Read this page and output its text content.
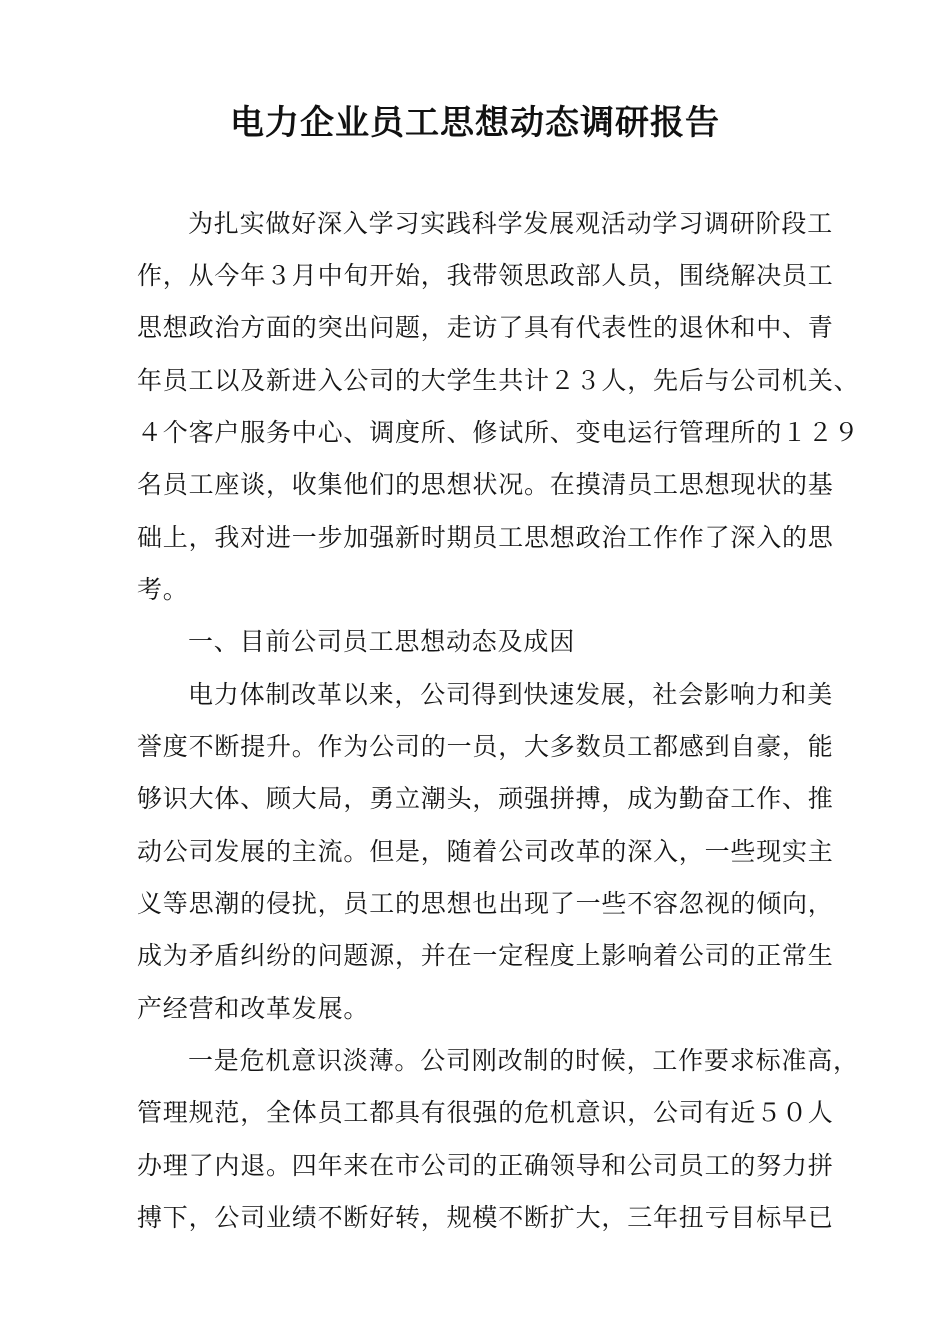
电力企业员工思想动态调研报告
为扎实做好深入学习实践科学发展观活动学习调研阶段工
作，从今年３月中旬开始，我带领思政部人员，围绕解决员工
思想政治方面的突出问题，走访了具有代表性的退休和中、青
年员工以及新进入公司的大学生共计２３人，先后与公司机关、
４个客户服务中心、调度所、修试所、变电运行管理所的１２９
名员工座谈，收集他们的思想状况。在摸清员工思想现状的基
础上，我对进一步加强新时期员工思想政治工作作了深入的思
考。
一、目前公司员工思想动态及成因
电力体制改革以来，公司得到快速发展，社会影响力和美
誉度不断提升。作为公司的一员，大多数员工都感到自豪，能
够识大体、顾大局，勇立潮头，顽强拼搏，成为勤奋工作、推
动公司发展的主流。但是，随着公司改革的深入，一些现实主
义等思潮的侵扰，员工的思想也出现了一些不容忽视的倾向，
成为矛盾纠纷的问题源，并在一定程度上影响着公司的正常生
产经营和改革发展。
一是危机意识淡薄。公司刚改制的时候，工作要求标准高，
管理规范，全体员工都具有很强的危机意识，公司有近５０人
办理了内退。四年来在市公司的正确领导和公司员工的努力拼
搏下，公司业绩不断好转，规模不断扩大，三年扭亏目标早已
